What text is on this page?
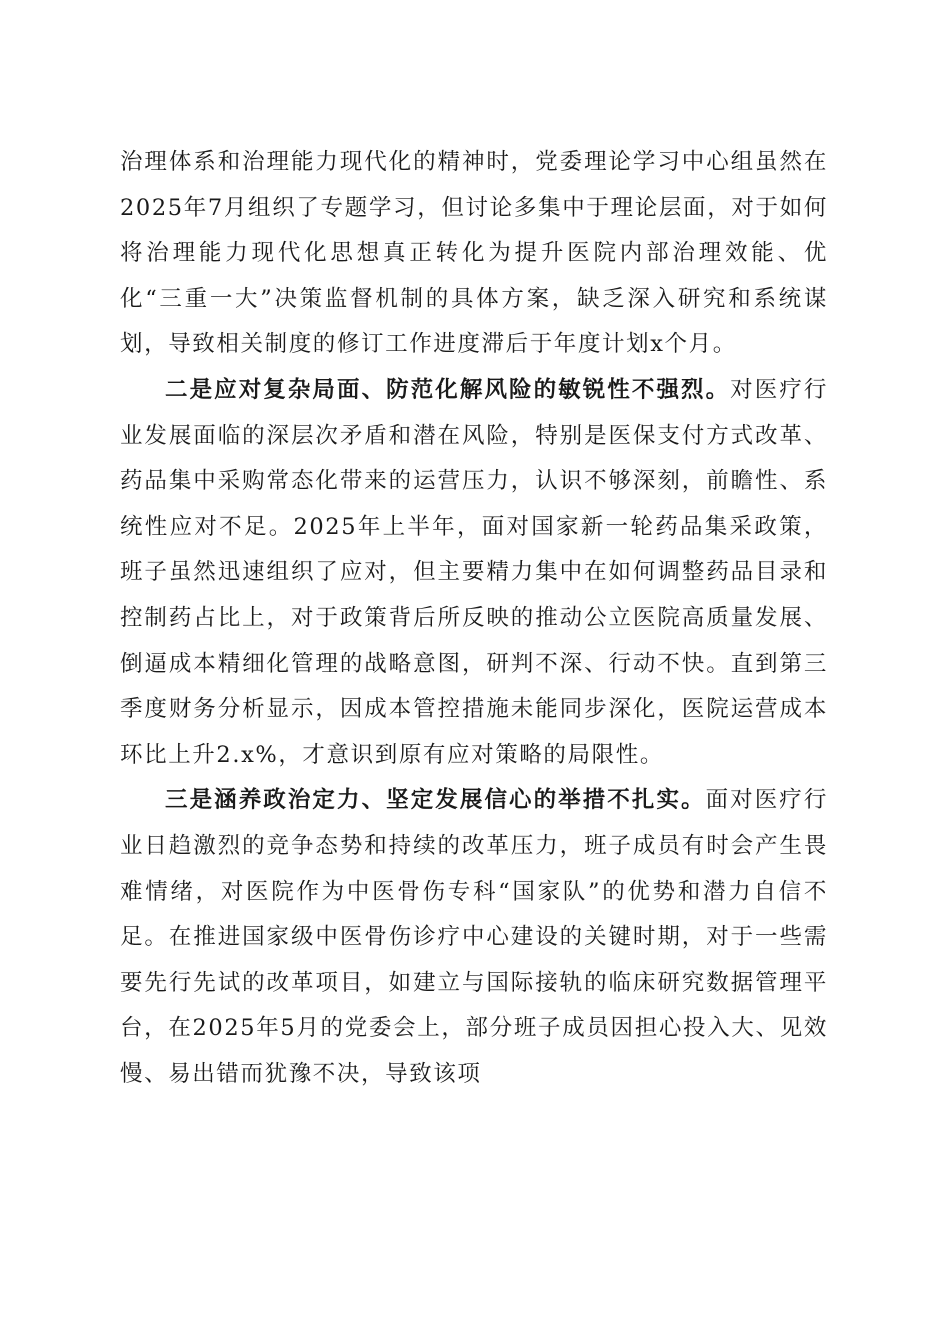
治理体系和治理能力现代化的精神时，党委理论学习中心组虽然在2025年7月组织了专题学习，但讨论多集中于理论层面，对于如何将治理能力现代化思想真正转化为提升医院内部治理效能、优化“三重一大”决策监督机制的具体方案，缺乏深入研究和系统谋划，导致相关制度的修订工作进度滞后于年度计划x个月。

二是应对复杂局面、防范化解风险的敏锐性不强烈。对医疗行业发展面临的深层次矛盾和潜在风险，特别是医保支付方式改革、药品集中采购常态化带来的运营压力，认识不够深刻，前瞻性、系统性应对不足。2025年上半年，面对国家新一轮药品集采政策，班子虽然迅速组织了应对，但主要精力集中在如何调整药品目录和控制药占比上，对于政策背后所反映的推动公立医院高质量发展、倒逼成本精细化管理的战略意图，研判不深、行动不快。直到第三季度财务分析显示，因成本管控措施未能同步深化，医院运营成本环比上升2.x%，才意识到原有应对策略的局限性。

三是涵养政治定力、坚定发展信心的举措不扎实。面对医疗行业日趋激烈的竞争态势和持续的改革压力，班子成员有时会产生畏难情绪，对医院作为中医骨伤专科“国家队”的优势和潜力自信不足。在推进国家级中医骨伤诊疗中心建设的关键时期，对于一些需要先行先试的改革项目，如建立与国际接轨的临床研究数据管理平台，在2025年5月的党委会上，部分班子成员因担心投入大、见效慢、易出错而犹豫不决，导致该项
